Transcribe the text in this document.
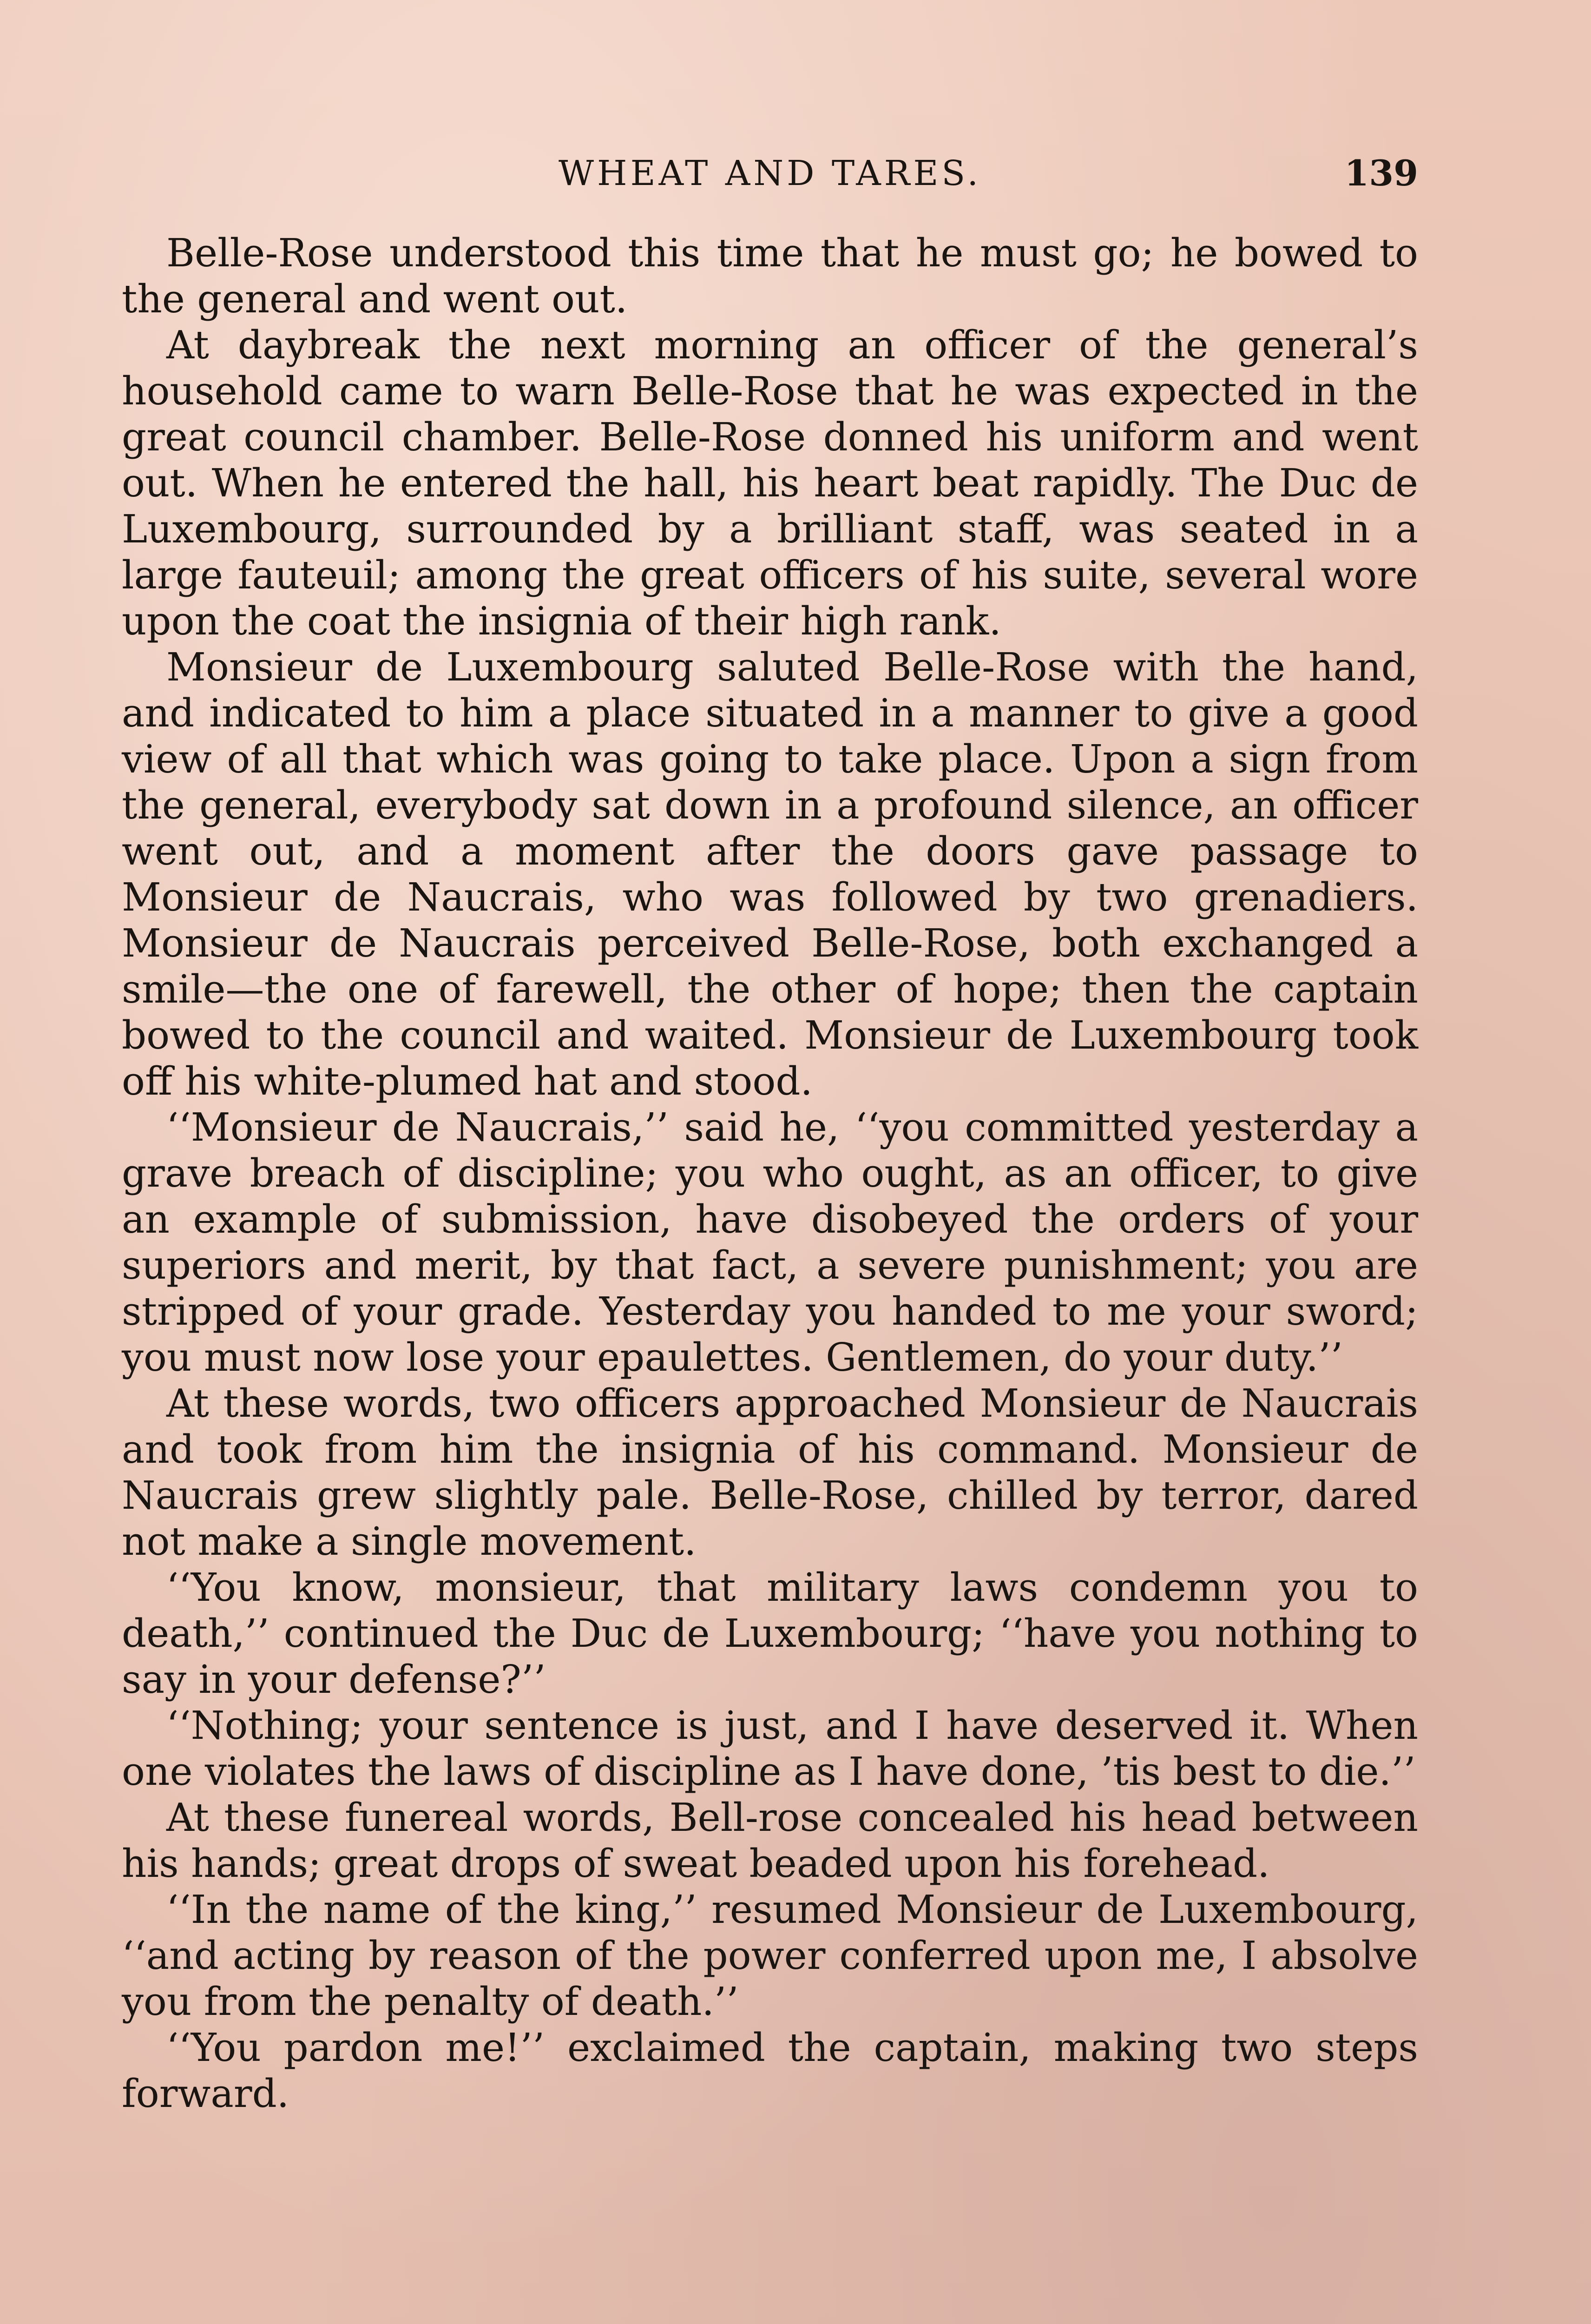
WHEAT AND TARES.	139

Belle-Rose understood this time that he must go; he bowed to the general and went out.

At daybreak the next morning an officer of the general’s household came to warn Belle-Rose that he was expected in the great council chamber. Belle-Rose donned his uniform and went out. When he entered the hall, his heart beat rapidly. The Duc de Luxembourg, surrounded by a brilliant staff, was seated in a large fauteuil; among the great officers of his suite, several wore upon the coat the insignia of their high rank.

Monsieur de Luxembourg saluted Belle-Rose with the hand, and indicated to him a place situated in a manner to give a good view of all that which was going to take place. Upon a sign from the general, everybody sat down in a profound silence, an officer went out, and a moment after the doors gave passage to Monsieur de Naucrais, who was followed by two grenadiers. Monsieur de Naucrais perceived Belle-Rose, both exchanged a smile—the one of farewell, the other of hope; then the captain bowed to the council and waited. Monsieur de Luxembourg took off his white-plumed hat and stood.

‘‘Monsieur de Naucrais,’’ said he, ‘‘you committed yesterday a grave breach of discipline; you who ought, as an officer, to give an example of submission, have disobeyed the orders of your superiors and merit, by that fact, a severe punishment; you are stripped of your grade. Yesterday you handed to me your sword; you must now lose your epaulettes. Gentlemen, do your duty.’’

At these words, two officers approached Monsieur de Naucrais and took from him the insignia of his command. Monsieur de Naucrais grew slightly pale. Belle-Rose, chilled by terror, dared not make a single movement.

‘‘You know, monsieur, that military laws condemn you to death,’’ continued the Duc de Luxembourg; ‘‘have you nothing to say in your defense?’’

‘‘Nothing; your sentence is just, and I have deserved it. When one violates the laws of discipline as I have done, ’tis best to die.’’

At these funereal words, Bell-rose concealed his head between his hands; great drops of sweat beaded upon his forehead.

‘‘In the name of the king,’’ resumed Monsieur de Luxembourg, ‘‘and acting by reason of the power conferred upon me, I absolve you from the penalty of death.’’

‘‘You pardon me!’’ exclaimed the captain, making two steps forward.
